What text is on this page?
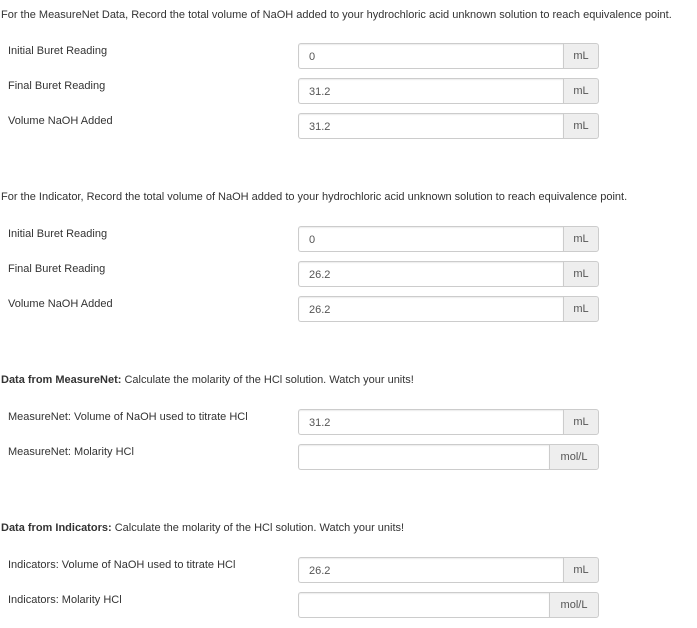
For the MeasureNet Data, Record the total volume of NaOH added to your hydrochloric acid unknown solution to reach equivalence point.
Initial Buret Reading
0	mL
Final Buret Reading
31.2	mL
Volume NaOH Added
31.2	mL
For the Indicator, Record the total volume of NaOH added to your hydrochloric acid unknown solution to reach equivalence point.
Initial Buret Reading
0	mL
Final Buret Reading
26.2	mL
Volume NaOH Added
26.2	mL
Data from MeasureNet: Calculate the molarity of the HCl solution. Watch your units!
MeasureNet: Volume of NaOH used to titrate HCl
31.2	mL
MeasureNet: Molarity HCl	mol/L
Data from Indicators: Calculate the molarity of the HCl solution. Watch your units!
Indicators: Volume of NaOH used to titrate HCl
26.2	mL
Indicators: Molarity HCl	mol/L
